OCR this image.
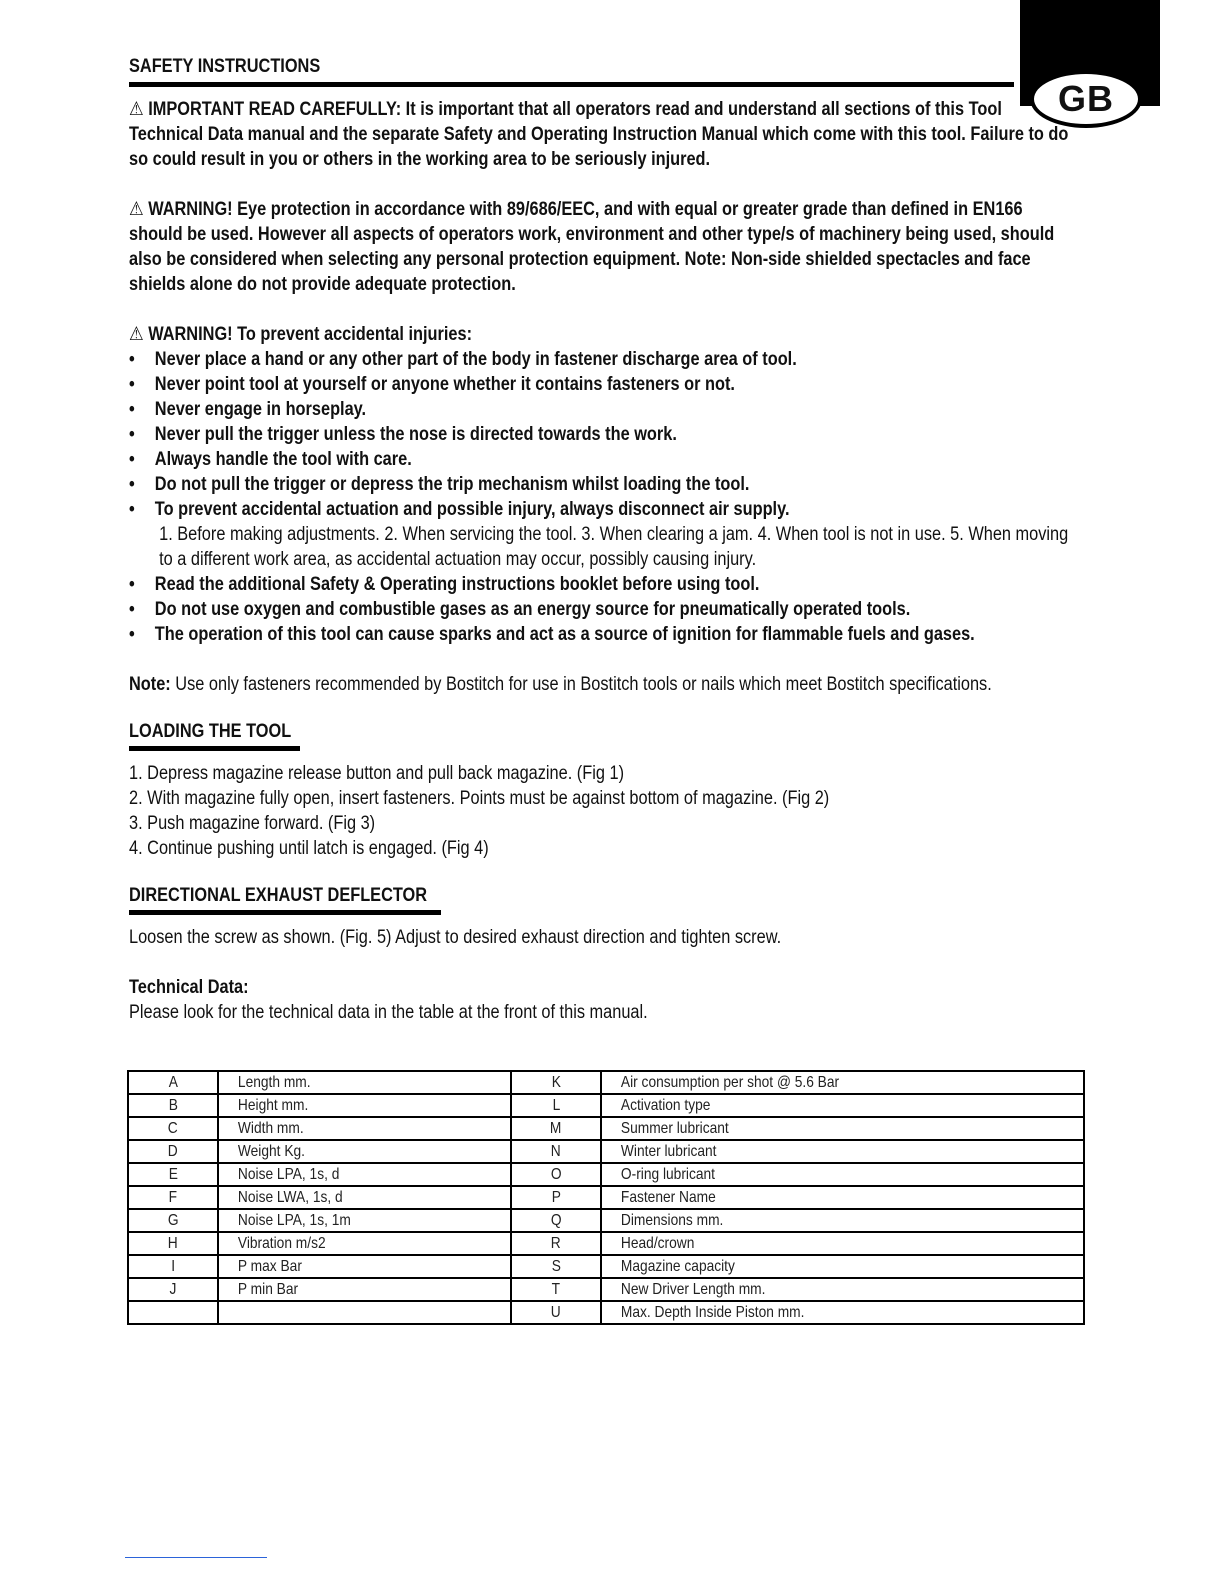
GB
SAFETY INSTRUCTIONS
⚠ IMPORTANT READ CAREFULLY: It is important that all operators read and understand all sections of this Tool Technical Data manual and the separate Safety and Operating Instruction Manual which come with this tool. Failure to do so could result in you or others in the working area to be seriously injured.
⚠ WARNING! Eye protection in accordance with 89/686/EEC, and with equal or greater grade than defined in EN166 should be used. However all aspects of operators work, environment and other type/s of machinery being used, should also be considered when selecting any personal protection equipment. Note: Non-side shielded spectacles and face shields alone do not provide adequate protection.
⚠ WARNING! To prevent accidental injuries:
• Never place a hand or any other part of the body in fastener discharge area of tool.
• Never point tool at yourself or anyone whether it contains fasteners or not.
• Never engage in horseplay.
• Never pull the trigger unless the nose is directed towards the work.
• Always handle the tool with care.
• Do not pull the trigger or depress the trip mechanism whilst loading the tool.
• To prevent accidental actuation and possible injury, always disconnect air supply.
1. Before making adjustments. 2. When servicing the tool. 3. When clearing a jam. 4. When tool is not in use. 5. When moving to a different work area, as accidental actuation may occur, possibly causing injury.
• Read the additional Safety & Operating instructions booklet before using tool.
• Do not use oxygen and combustible gases as an energy source for pneumatically operated tools.
• The operation of this tool can cause sparks and act as a source of ignition for flammable fuels and gases.
Note: Use only fasteners recommended by Bostitch for use in Bostitch tools or nails which meet Bostitch specifications.
LOADING THE TOOL
1. Depress magazine release button and pull back magazine. (Fig 1)
2. With magazine fully open, insert fasteners. Points must be against bottom of magazine. (Fig 2)
3. Push magazine forward. (Fig 3)
4. Continue pushing until latch is engaged. (Fig 4)
DIRECTIONAL EXHAUST DEFLECTOR
Loosen the screw as shown. (Fig. 5) Adjust to desired exhaust direction and tighten screw.
Technical Data:
Please look for the technical data in the table at the front of this manual.
A	Length mm.	K	Air consumption per shot @ 5.6 Bar
B	Height mm.	L	Activation type
C	Width mm.	M	Summer lubricant
D	Weight Kg.	N	Winter lubricant
E	Noise LPA, 1s, d	O	O-ring lubricant
F	Noise LWA, 1s, d	P	Fastener Name
G	Noise LPA, 1s, 1m	Q	Dimensions mm.
H	Vibration m/s2	R	Head/crown
I	P max Bar	S	Magazine capacity
J	P min Bar	T	New Driver Length mm.
		U	Max. Depth Inside Piston mm.
